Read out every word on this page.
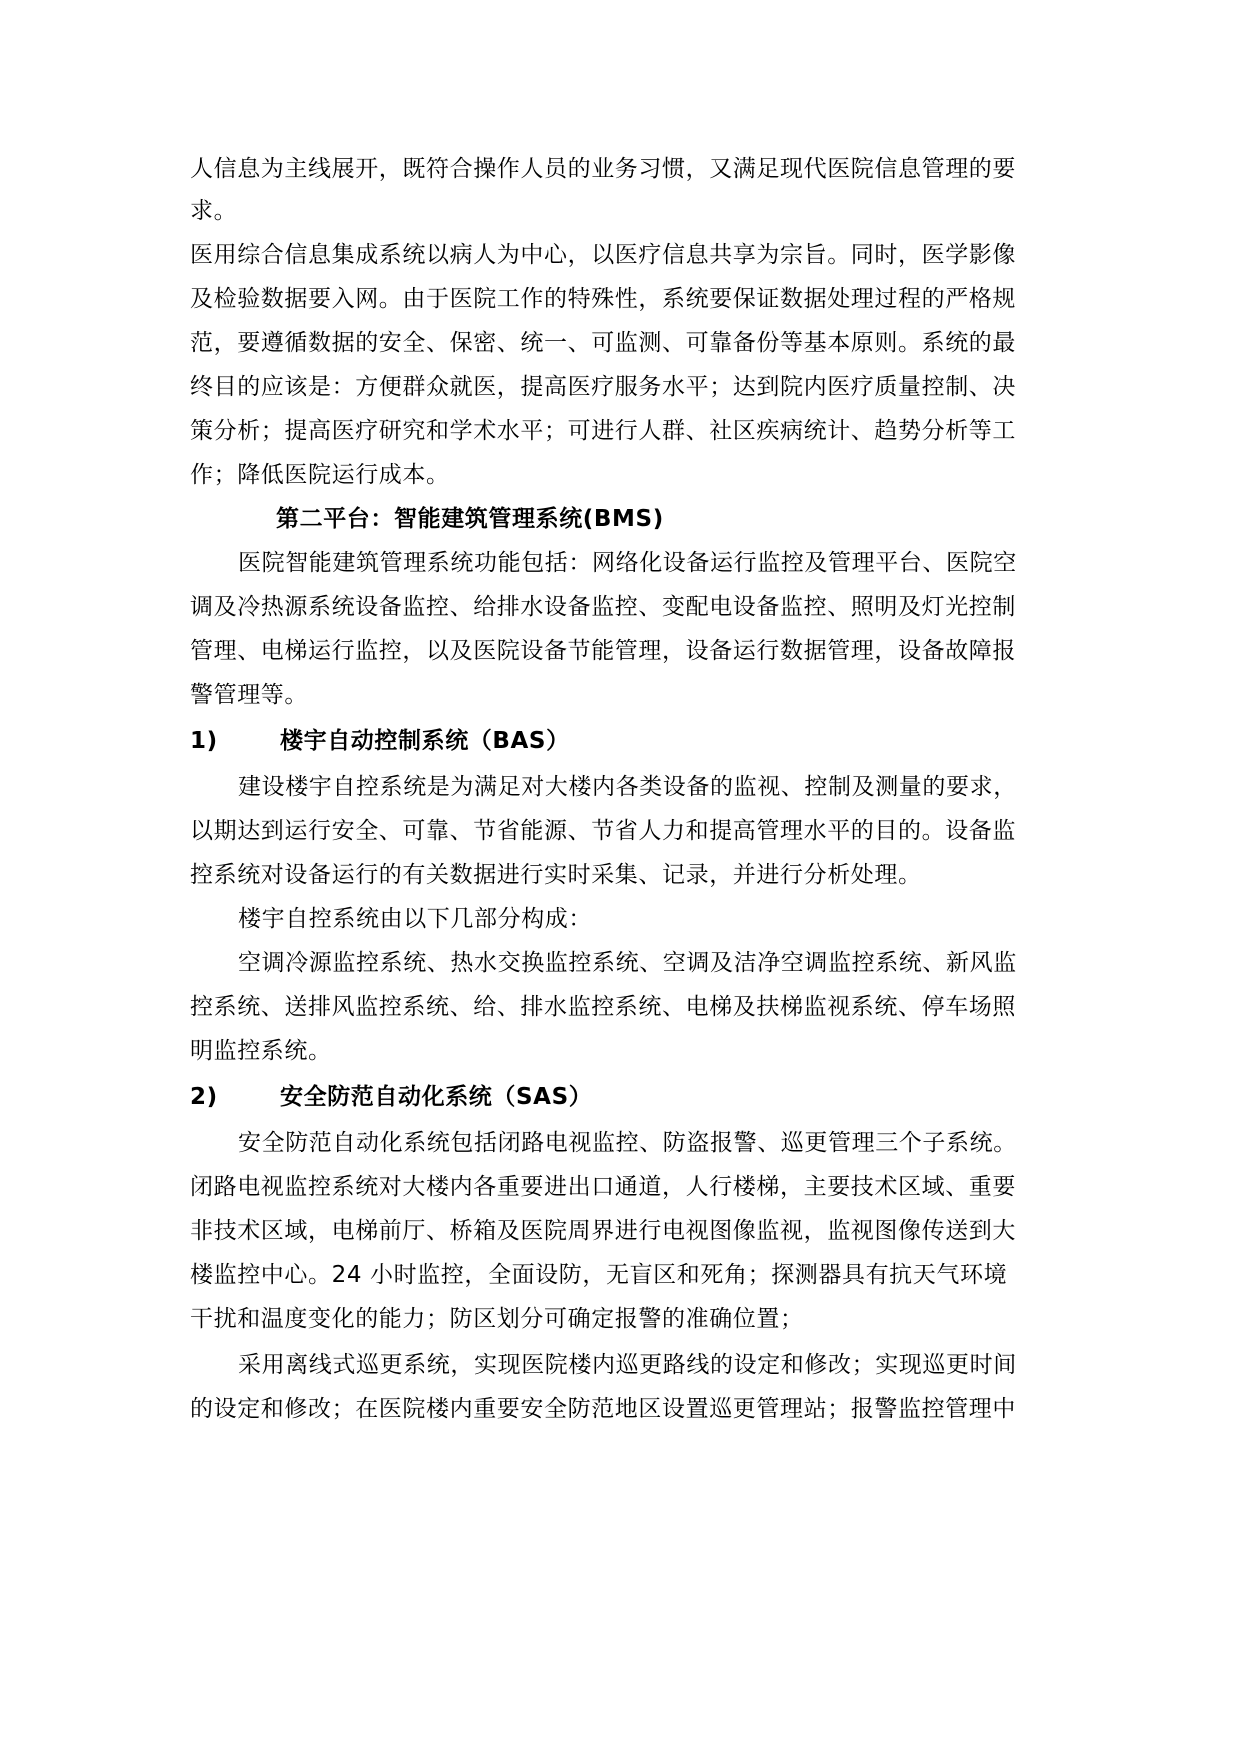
人信息为主线展开，既符合操作人员的业务习惯，又满足现代医院信息管理的要
求。
医用综合信息集成系统以病人为中心，以医疗信息共享为宗旨。同时，医学影像
及检验数据要入网。由于医院工作的特殊性，系统要保证数据处理过程的严格规
范，要遵循数据的安全、保密、统一、可监测、可靠备份等基本原则。系统的最
终目的应该是：方便群众就医，提高医疗服务水平；达到院内医疗质量控制、决
策分析；提高医疗研究和学术水平；可进行人群、社区疾病统计、趋势分析等工
作；降低医院运行成本。
第二平台：智能建筑管理系统(BMS)
医院智能建筑管理系统功能包括：网络化设备运行监控及管理平台、医院空
调及冷热源系统设备监控、给排水设备监控、变配电设备监控、照明及灯光控制
管理、电梯运行监控，以及医院设备节能管理，设备运行数据管理，设备故障报
警管理等。
1)	楼宇自动控制系统（BAS）
建设楼宇自控系统是为满足对大楼内各类设备的监视、控制及测量的要求，
以期达到运行安全、可靠、节省能源、节省人力和提高管理水平的目的。设备监
控系统对设备运行的有关数据进行实时采集、记录，并进行分析处理。
楼宇自控系统由以下几部分构成：
空调冷源监控系统、热水交换监控系统、空调及洁净空调监控系统、新风监
控系统、送排风监控系统、给、排水监控系统、电梯及扶梯监视系统、停车场照
明监控系统。
2)	安全防范自动化系统（SAS）
安全防范自动化系统包括闭路电视监控、防盗报警、巡更管理三个子系统。
闭路电视监控系统对大楼内各重要进出口通道，人行楼梯，主要技术区域、重要
非技术区域，电梯前厅、桥箱及医院周界进行电视图像监视，监视图像传送到大
楼监控中心。24 小时监控，全面设防，无盲区和死角；探测器具有抗天气环境
干扰和温度变化的能力；防区划分可确定报警的准确位置；
采用离线式巡更系统，实现医院楼内巡更路线的设定和修改；实现巡更时间
的设定和修改；在医院楼内重要安全防范地区设置巡更管理站；报警监控管理中
